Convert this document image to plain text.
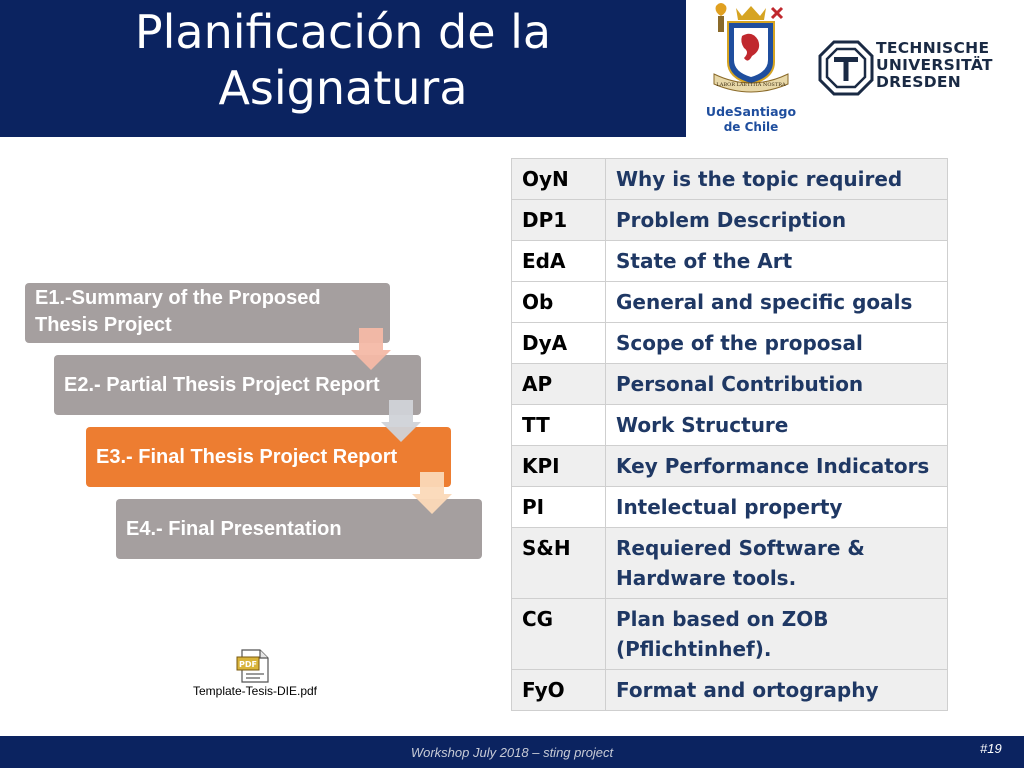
Planificación de la
Asignatura	LABOR LAETITIA NOSTRA
UdeSantiago
de Chile
TECHNISCHE
UNIVERSITÄT
DRESDEN
E1.-Summary of the Proposed Thesis Project
E2.- Partial Thesis Project Report
E3.- Final Thesis Project Report
E4.- Final Presentation
PDF
Template-Tesis-DIE.pdf
OyN	Why is the topic required
DP1	Problem Description
EdA	State of the Art
Ob	General and specific goals
DyA	Scope of the proposal
AP	Personal Contribution
TT	Work Structure
KPI	Key Performance Indicators
PI	Intelectual property
S&H	Requiered Software & Hardware tools.
CG	Plan based on ZOB (Pflichtinhef).
FyO	Format and ortography
Workshop July 2018 – sting project	#19
